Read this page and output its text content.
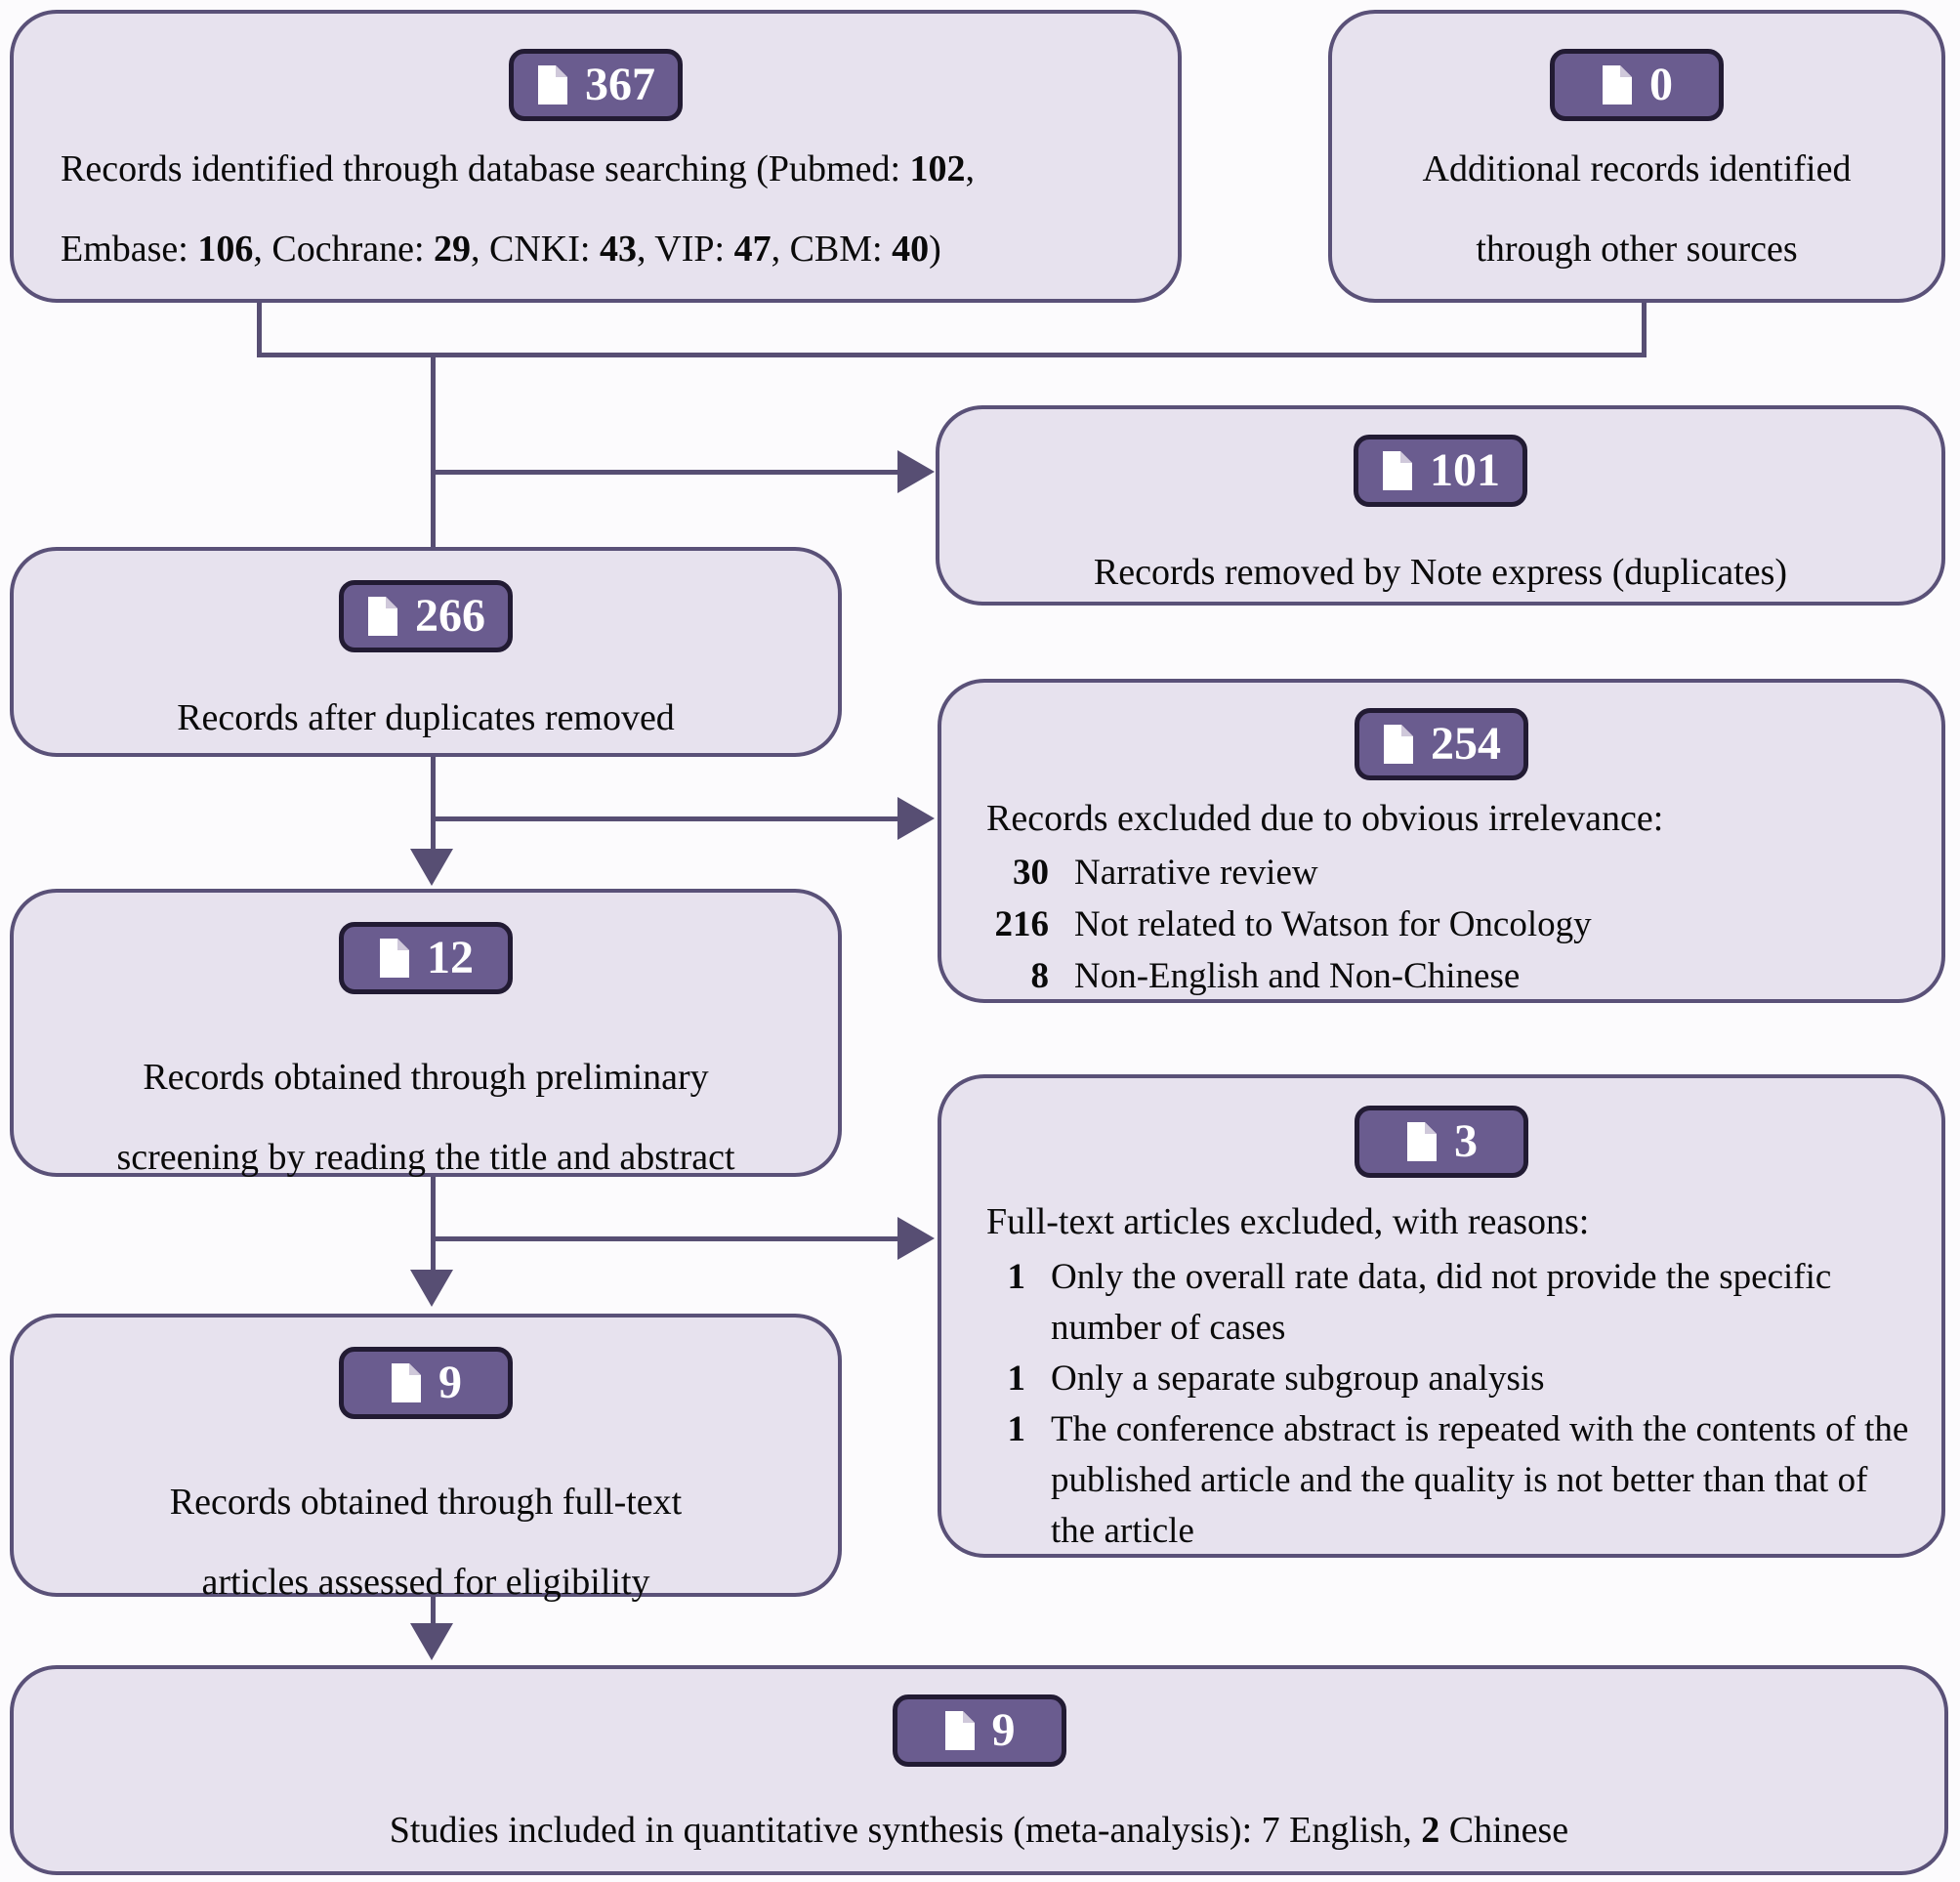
367
Records identified through database searching (Pubmed: 102,
Embase: 106, Cochrane: 29, CNKI: 43, VIP: 47, CBM: 40)
0
Additional records identified
through other sources
101
Records removed by Note express (duplicates)
266
Records after duplicates removed	254
Records excluded due to obvious irrelevance:
30 Narrative review
216 Not related to Watson for Oncology
8 Non-English and Non-Chinese
12
Records obtained through preliminary
screening by reading the title and abstract	3
Full-text articles excluded, with reasons:
1 Only the overall rate data, did not provide the specific number of cases
1 Only a separate subgroup analysis
1 The conference abstract is repeated with the contents of the published article and the quality is not better than that of the article
9
Records obtained through full-text
articles assessed for eligibility
9
Studies included in quantitative synthesis (meta-analysis): 7 English, 2 Chinese
